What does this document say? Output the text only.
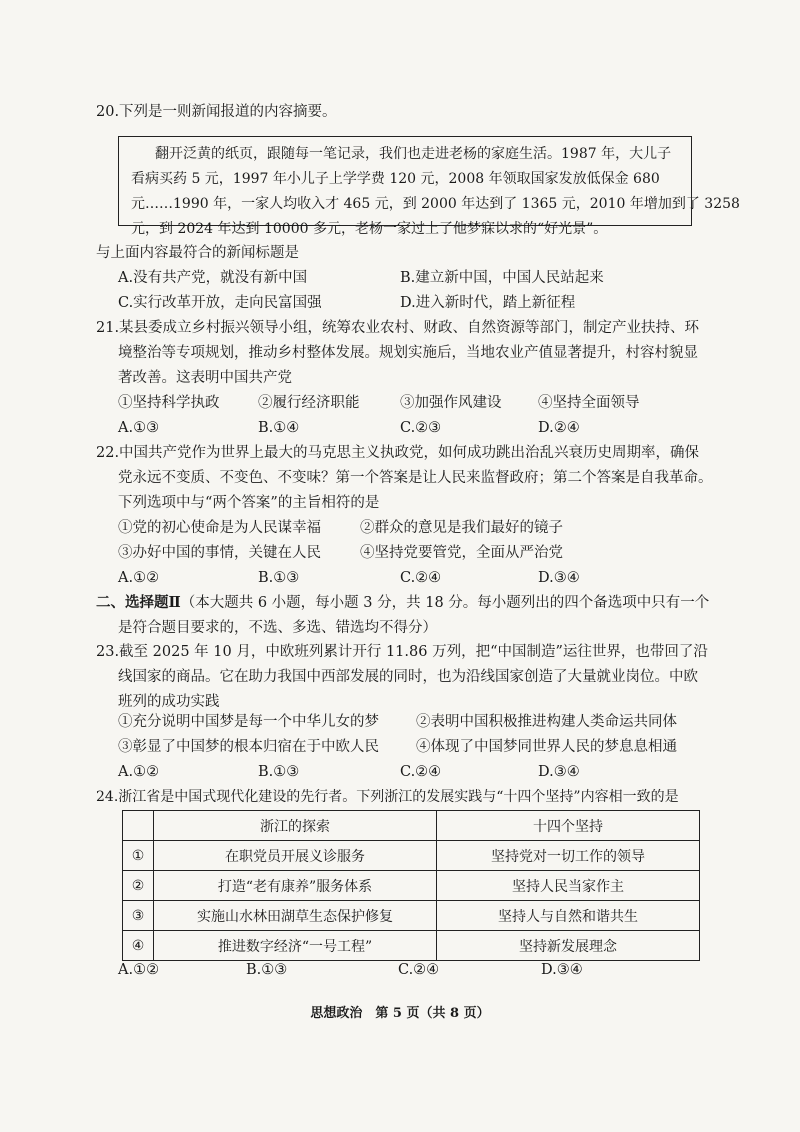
20.下列是一则新闻报道的内容摘要。
翻开泛黄的纸页，跟随每一笔记录，我们也走进老杨的家庭生活。1987 年，大儿子
看病买药 5 元，1997 年小儿子上学学费 120 元，2008 年领取国家发放低保金 680
元……1990 年，一家人均收入才 465 元，到 2000 年达到了 1365 元，2010 年增加到了 3258
元，到 2024 年达到 10000 多元，老杨一家过上了他梦寐以求的“好光景”。
与上面内容最符合的新闻标题是
A.没有共产党，就没有新中国	B.建立新中国，中国人民站起来
C.实行改革开放，走向民富国强	D.进入新时代，踏上新征程
21.某县委成立乡村振兴领导小组，统筹农业农村、财政、自然资源等部门，制定产业扶持、环
境整治等专项规划，推动乡村整体发展。规划实施后，当地农业产值显著提升，村容村貌显
著改善。这表明中国共产党
①坚持科学执政	②履行经济职能	③加强作风建设	④坚持全面领导
A.①③	B.①④	C.②③	D.②④
22.中国共产党作为世界上最大的马克思主义执政党，如何成功跳出治乱兴衰历史周期率，确保
党永远不变质、不变色、不变味？第一个答案是让人民来监督政府；第二个答案是自我革命。
下列选项中与“两个答案”的主旨相符的是
①党的初心使命是为人民谋幸福	②群众的意见是我们最好的镜子
③办好中国的事情，关键在人民	④坚持党要管党，全面从严治党
A.①②	B.①③	C.②④	D.③④
二、选择题Ⅱ（本大题共 6 小题，每小题 3 分，共 18 分。每小题列出的四个备选项中只有一个
是符合题目要求的，不选、多选、错选均不得分）
23.截至 2025 年 10 月，中欧班列累计开行 11.86 万列，把“中国制造”运往世界，也带回了沿
线国家的商品。它在助力我国中西部发展的同时，也为沿线国家创造了大量就业岗位。中欧
班列的成功实践
①充分说明中国梦是每一个中华儿女的梦	②表明中国积极推进构建人类命运共同体
③彰显了中国梦的根本归宿在于中欧人民	④体现了中国梦同世界人民的梦息息相通
A.①②	B.①③	C.②④	D.③④
24.浙江省是中国式现代化建设的先行者。下列浙江的发展实践与“十四个坚持”内容相一致的是
	浙江的探索	十四个坚持
①	在职党员开展义诊服务	坚持党对一切工作的领导
②	打造“老有康养”服务体系	坚持人民当家作主
③	实施山水林田湖草生态保护修复	坚持人与自然和谐共生
④	推进数字经济“一号工程”	坚持新发展理念
A.①②	B.①③	C.②④	D.③④
思想政治　第 5 页（共 8 页）
